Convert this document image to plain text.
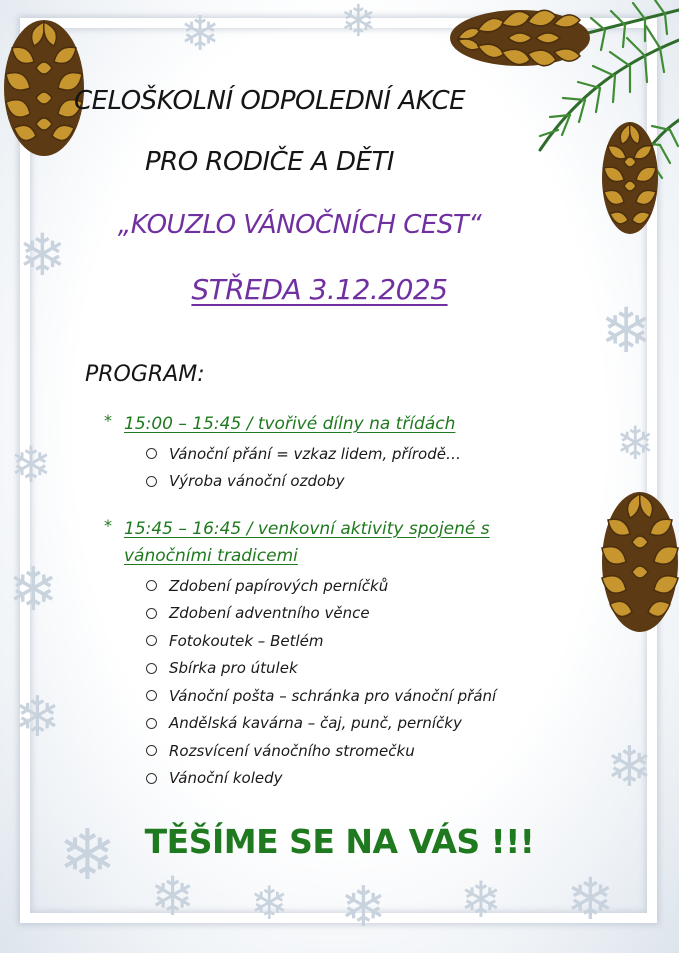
❄
❄
❄
❄
❄
❄ ❄ ❄ ❄ ❄
❄
❄
❄
❄	❄
CELOŠKOLNÍ ODPOLEDNÍ AKCE
PRO RODIČE A DĚTI
„KOUZLO VÁNOČNÍCH CEST“
STŘEDA 3.12.2025
PROGRAM:
* 15:00 – 15:45 / tvořivé dílny na třídách
Vánoční přání = vzkaz lidem, přírodě…
Výroba vánoční ozdoby
* 15:45 – 16:45 / venkovní aktivity spojené s vánočními tradicemi
Zdobení papírových perníčků
Zdobení adventního věnce
Fotokoutek – Betlém
Sbírka pro útulek
Vánoční pošta – schránka pro vánoční přání
Andělská kavárna – čaj, punč, perníčky
Rozsvícení vánočního stromečku
Vánoční koledy
TĚŠÍME SE NA VÁS !!!
